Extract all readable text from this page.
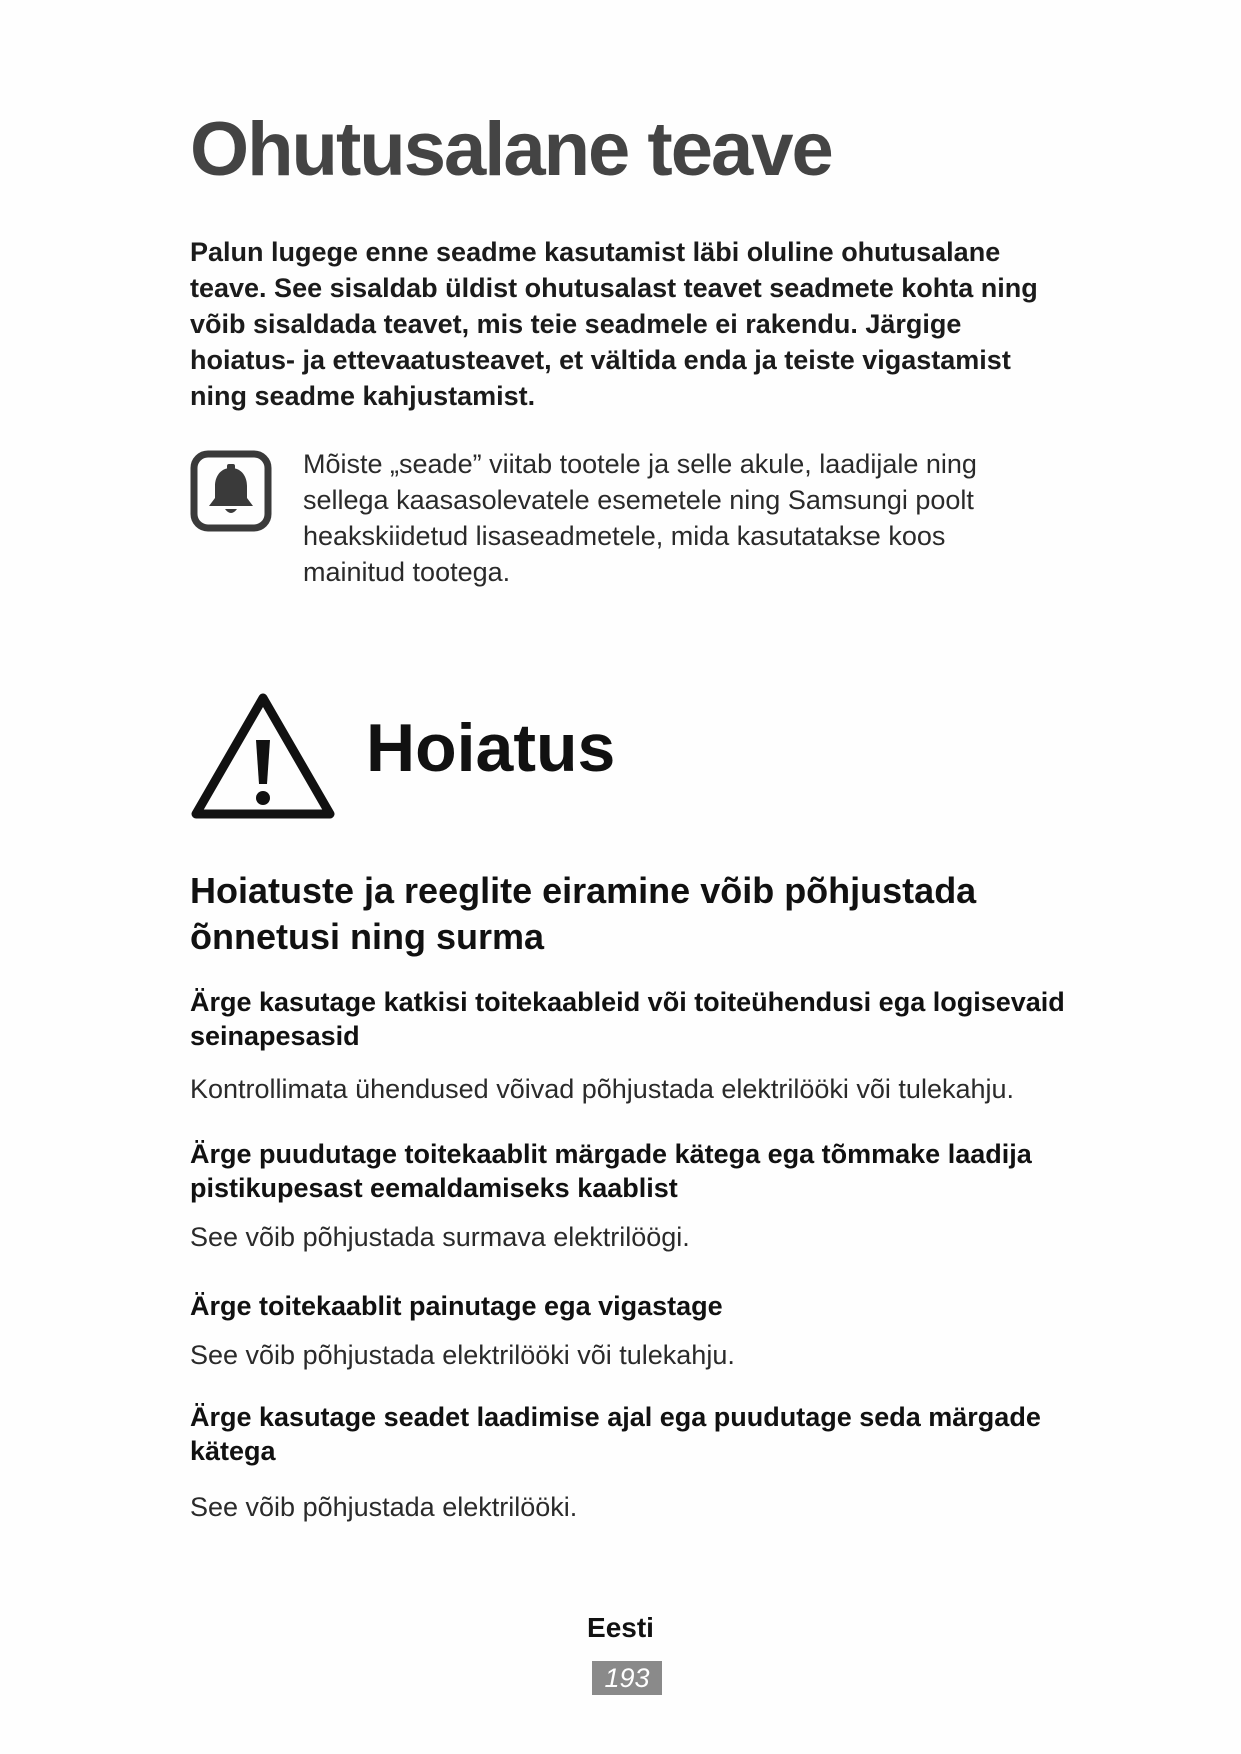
Ohutusalane teave
Palun lugege enne seadme kasutamist läbi oluline ohutusalane teave. See sisaldab üldist ohutusalast teavet seadmete kohta ning võib sisaldada teavet, mis teie seadmele ei rakendu. Järgige hoiatus- ja ettevaatusteavet, et vältida enda ja teiste vigastamist ning seadme kahjustamist.
Mõiste „seade” viitab tootele ja selle akule, laadijale ning sellega kaasasolevatele esemetele ning Samsungi poolt heakskiidetud lisaseadmetele, mida kasutatakse koos mainitud tootega.
Hoiatus
Hoiatuste ja reeglite eiramine võib põhjustada õnnetusi ning surma
Ärge kasutage katkisi toitekaableid või toiteühendusi ega logisevaid seinapesasid
Kontrollimata ühendused võivad põhjustada elektrilööki või tulekahju.
Ärge puudutage toitekaablit märgade kätega ega tõmmake laadija pistikupesast eemaldamiseks kaablist
See võib põhjustada surmava elektrilöögi.
Ärge toitekaablit painutage ega vigastage
See võib põhjustada elektrilööki või tulekahju.
Ärge kasutage seadet laadimise ajal ega puudutage seda märgade kätega
See võib põhjustada elektrilööki.
Eesti
193
